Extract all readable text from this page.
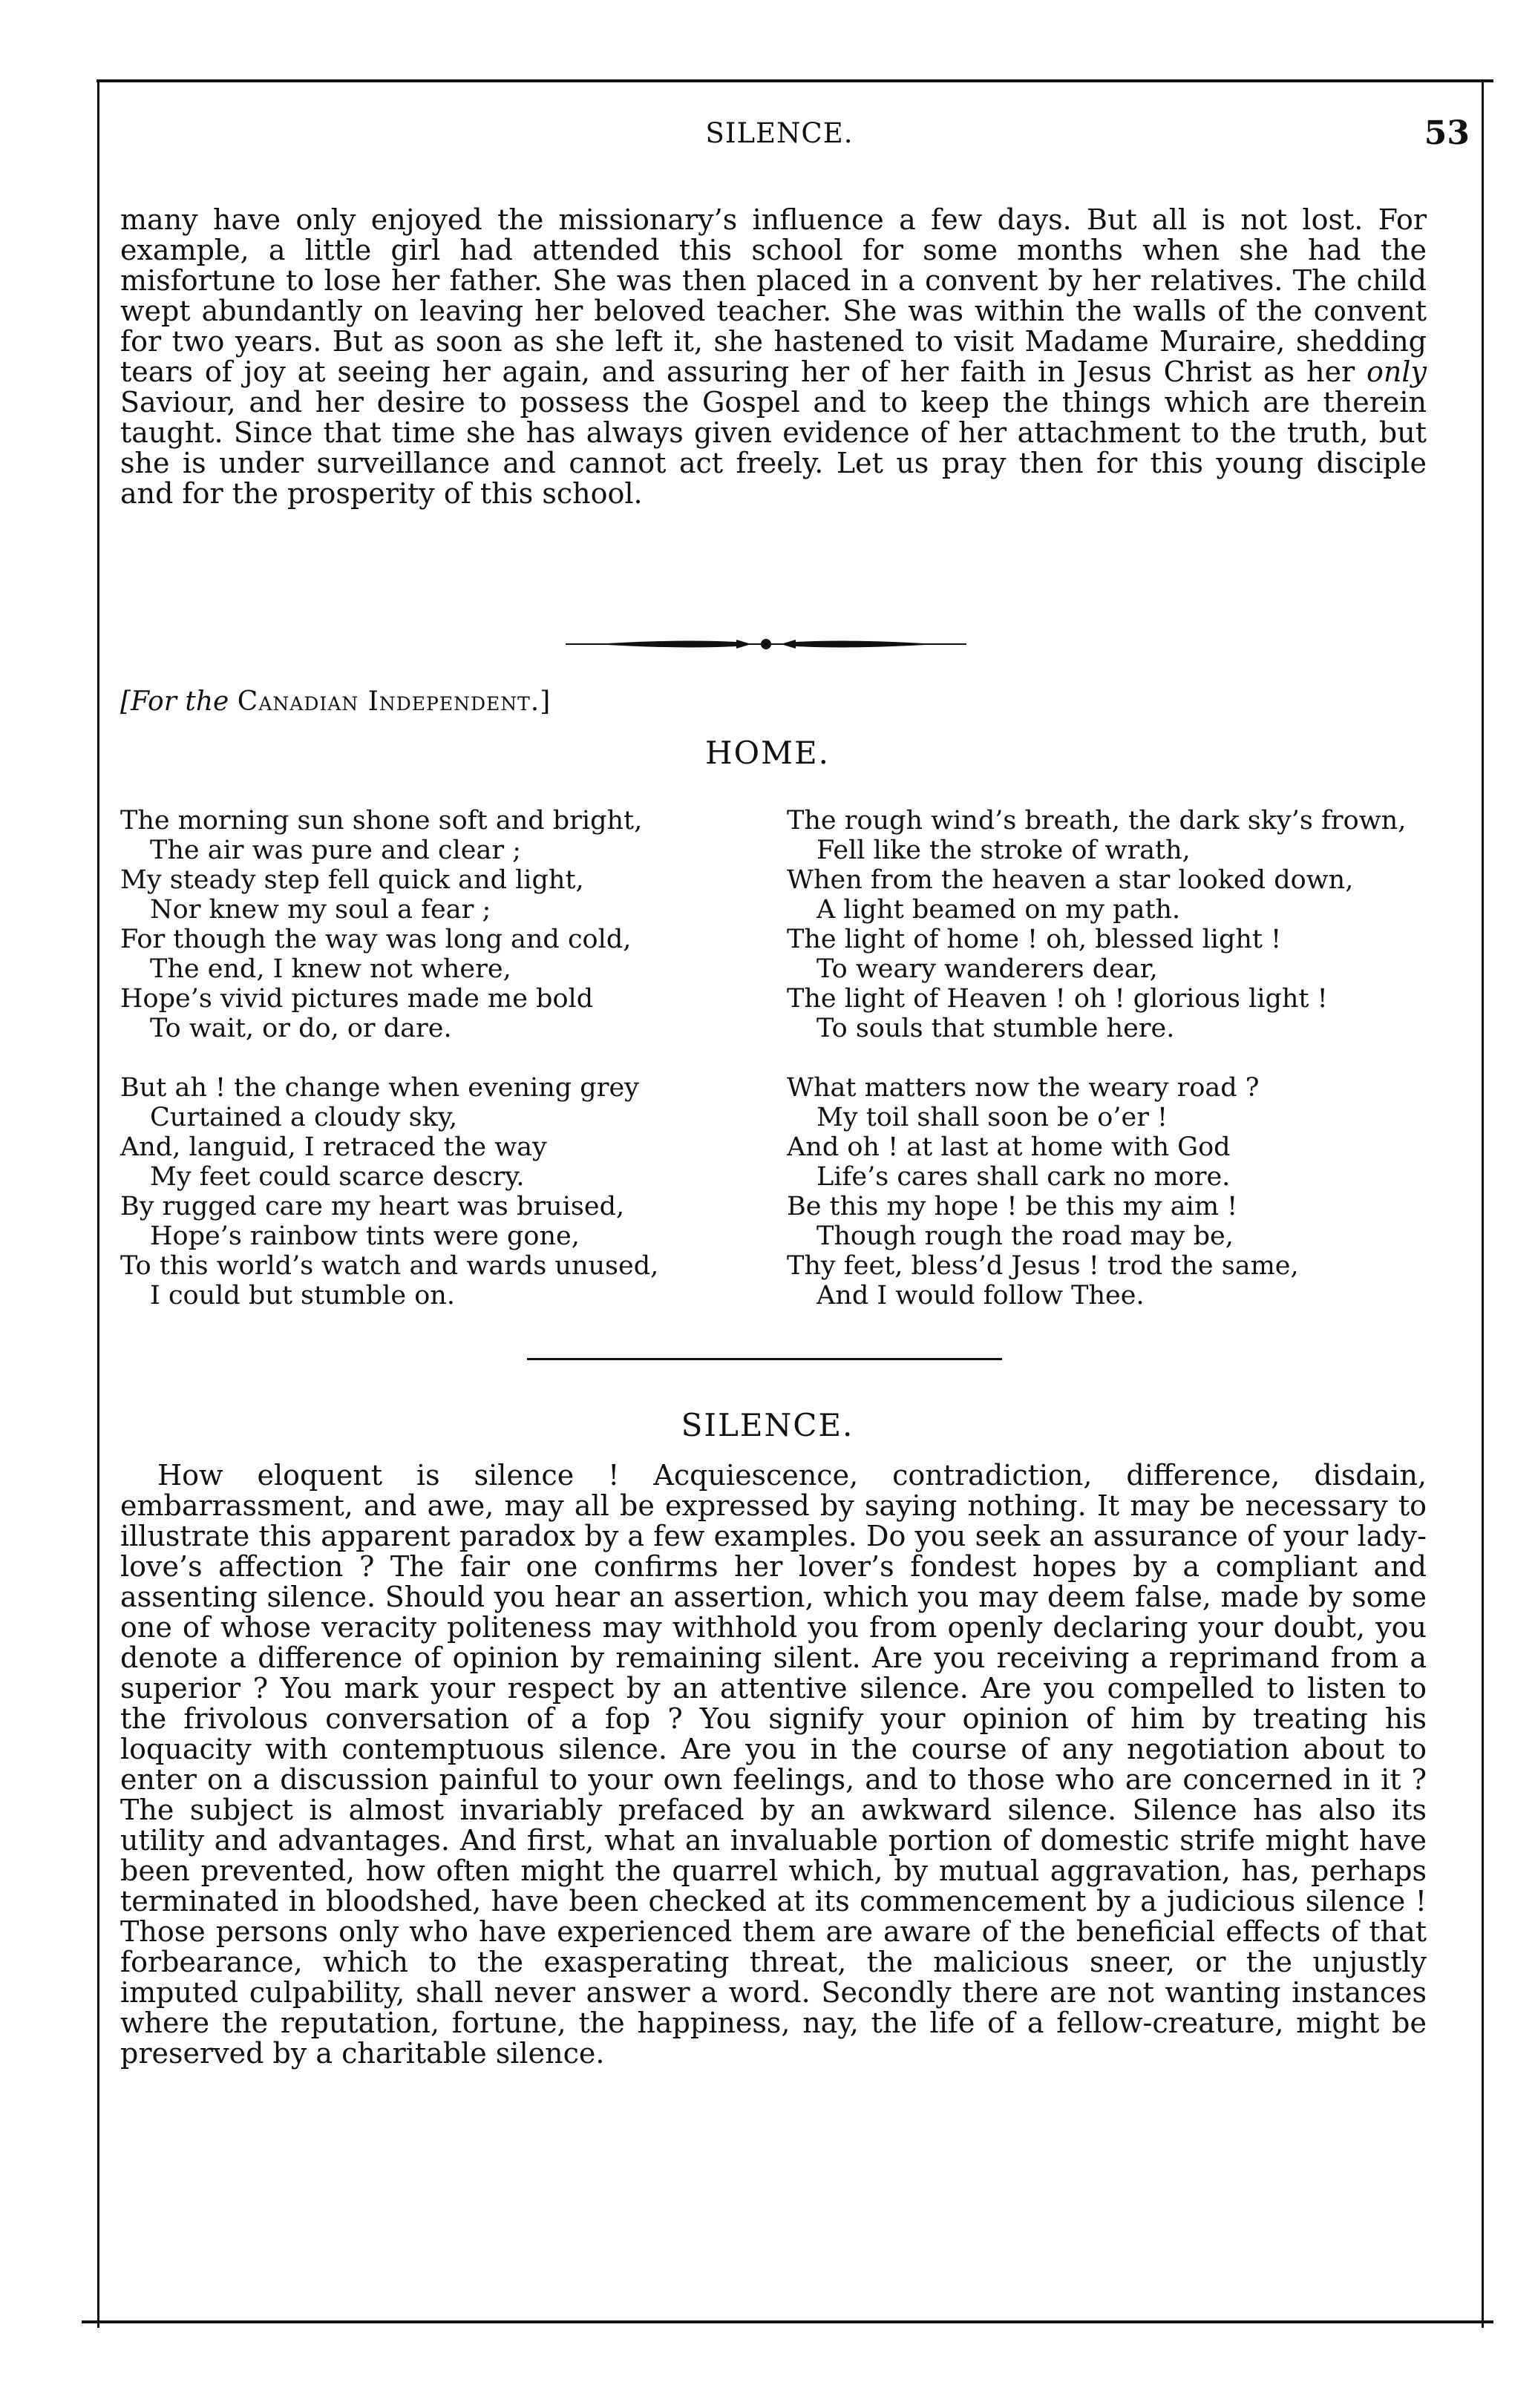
SILENCE.	53

many have only enjoyed the missionary’s influence a few days. But all is not lost. For example, a little girl had attended this school for some months when she had the misfortune to lose her father. She was then placed in a convent by her relatives. The child wept abundantly on leaving her beloved teacher. She was within the walls of the convent for two years. But as soon as she left it, she hastened to visit Madame Muraire, shedding tears of joy at seeing her again, and assuring her of her faith in Jesus Christ as her only Saviour, and her desire to possess the Gospel and to keep the things which are therein taught. Since that time she has always given evidence of her attachment to the truth, but she is under surveillance and cannot act freely. Let us pray then for this young disciple and for the prosperity of this school.

[For the Canadian Independent.]
HOME.
The morning sun shone soft and bright,
The air was pure and clear ;
My steady step fell quick and light,
Nor knew my soul a fear ;
For though the way was long and cold,
The end, I knew not where,
Hope’s vivid pictures made me bold
To wait, or do, or dare.
But ah ! the change when evening grey
Curtained a cloudy sky,
And, languid, I retraced the way
My feet could scarce descry.
By rugged care my heart was bruised,
Hope’s rainbow tints were gone,
To this world’s watch and wards unused,
I could but stumble on.
The rough wind’s breath, the dark sky’s frown,
Fell like the stroke of wrath,
When from the heaven a star looked down,
A light beamed on my path.
The light of home ! oh, blessed light !
To weary wanderers dear,
The light of Heaven ! oh ! glorious light !
To souls that stumble here.
What matters now the weary road ?
My toil shall soon be o’er !
And oh ! at last at home with God
Life’s cares shall cark no more.
Be this my hope ! be this my aim !
Though rough the road may be,
Thy feet, bless’d Jesus ! trod the same,
And I would follow Thee.
SILENCE.

How eloquent is silence ! Acquiescence, contradiction, difference, disdain, embarrassment, and awe, may all be expressed by saying nothing. It may be necessary to illustrate this apparent paradox by a few examples. Do you seek an assurance of your lady-love’s affection ? The fair one confirms her lover’s fondest hopes by a compliant and assenting silence. Should you hear an assertion, which you may deem false, made by some one of whose veracity politeness may withhold you from openly declaring your doubt, you denote a difference of opinion by remaining silent. Are you receiving a reprimand from a superior ? You mark your respect by an attentive silence. Are you compelled to listen to the frivolous conversation of a fop ? You signify your opinion of him by treating his loquacity with contemptuous silence. Are you in the course of any negotiation about to enter on a discussion painful to your own feelings, and to those who are concerned in it ? The subject is almost invariably prefaced by an awkward silence. Silence has also its utility and advantages. And first, what an invaluable portion of domestic strife might have been prevented, how often might the quarrel which, by mutual aggravation, has, perhaps terminated in bloodshed, have been checked at its commencement by a judicious silence ! Those persons only who have experienced them are aware of the beneficial effects of that forbearance, which to the exasperating threat, the malicious sneer, or the unjustly imputed culpability, shall never answer a word. Secondly there are not wanting instances where the reputation, fortune, the happiness, nay, the life of a fellow-creature, might be preserved by a charitable silence.
